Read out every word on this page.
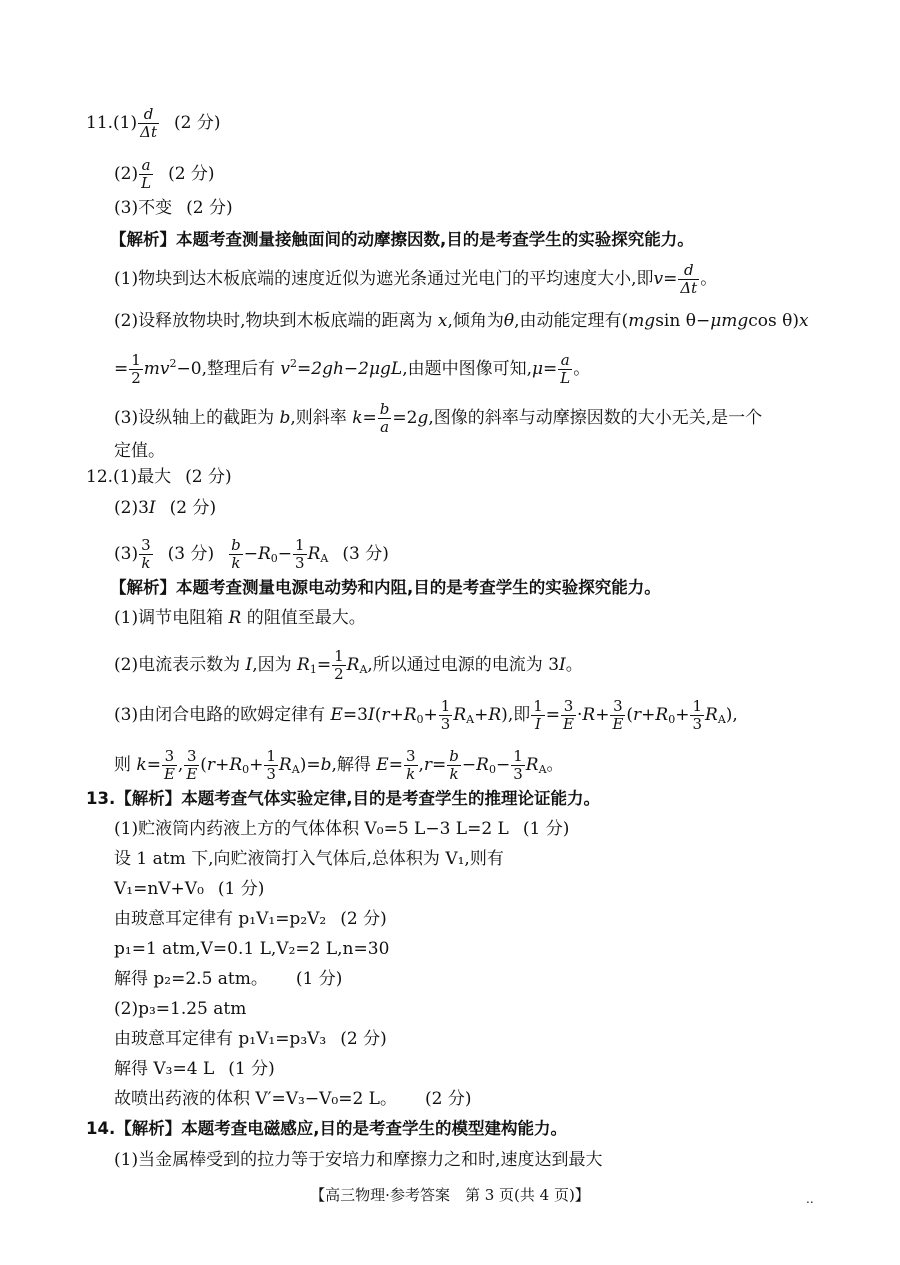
$11.(1) \frac{d}{\Delta t} (2$ 分)
$(2) \frac{a}{L} (2$ 分)
(3)不变 (2 分)
【解析】本题考查测量接触面间的动摩擦因数,目的是考查学生的实验探究能力。
(1)物块到达木板底端的速度近似为遮光条通过光电门的平均速度大小,即$v= \frac{d}{\Delta t}$ 。
(2)设释放物块时,物块到木板底端的距离为 x,倾角为θ,由动能定理有(mgsin θ−μmgcos θ)x
= $\frac{1}{2} mv^2-0$,整理后有 $v^2=2gh-2\mu gL$,由题中图像可知$,\mu= \frac{a}{L}$ 。
(3)设纵轴上的截距为 b,则斜率 $k= \frac{b}{a} =2g$,图像的斜率与动摩擦因数的大小无关,是一个
定值。
12.(1)最大 (2 分)
(2)3I (2 分)
$(3) \frac{3}{k} (3$ 分) $\frac{b}{k} -R_0- \frac{1}{3} R_A$ (3 分)
【解析】本题考查测量电源电动势和内阻,目的是考查学生的实验探究能力。
(1)调节电阻箱 R 的阻值至最大。
(2)电流表示数为 I,因为 $R_1= \frac{1}{2} R_A$,所以通过电源的电流为 3I。
(3)由闭合电路的欧姆定律有 $E=3I(r+R_0+ \frac{1}{3} R_A+R)$,即 $\frac{1}{I} = \frac{3}{E} \cdot R+ \frac{3}{E} (r+R_0+ \frac{1}{3} R_A)$,
则 $k= \frac{3}{E}$ , $\frac{3}{E} (r+R_0+ \frac{1}{3} R_A)=b$,解得 $E= \frac{3}{k} ,r= \frac{b}{k} -R_0- \frac{1}{3} R_A$。
13.【解析】本题考查气体实验定律,目的是考查学生的推理论证能力。
(1)贮液筒内药液上方的气体体积 V₀=5 L−3 L=2 L (1 分)
设 1 atm 下,向贮液筒打入气体后,总体积为 V₁,则有
V₁=nV+V₀ (1 分)
由玻意耳定律有 p₁V₁=p₂V₂ (2 分)
p₁=1 atm,V=0.1 L,V₂=2 L,n=30
解得 p₂=2.5 atm。 (1 分)
(2)p₃=1.25 atm
由玻意耳定律有 p₁V₁=p₃V₃ (2 分)
解得 V₃=4 L (1 分)
故喷出药液的体积 V′=V₃−V₀=2 L。 (2 分)
14.【解析】本题考查电磁感应,目的是考查学生的模型建构能力。
(1)当金属棒受到的拉力等于安培力和摩擦力之和时,速度达到最大
【高三物理·参考答案　第 3 页(共 4 页)】	..
